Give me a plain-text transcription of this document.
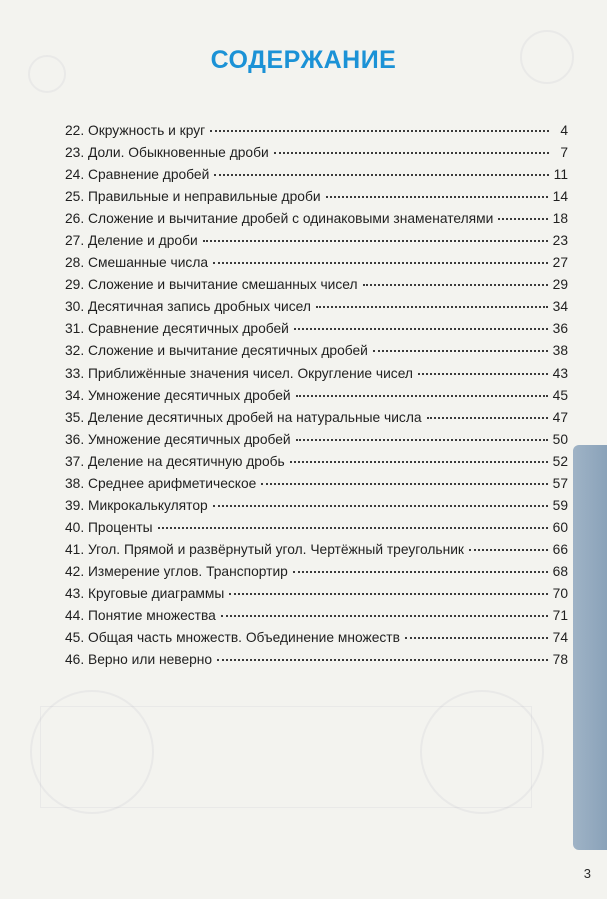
СОДЕРЖАНИЕ
22. Окружность и круг	4
23. Доли. Обыкновенные дроби	7
24. Сравнение дробей	11
25. Правильные и неправильные дроби	14
26. Сложение и вычитание дробей с одинаковыми знаменателями	18
27. Деление и дроби	23
28. Смешанные числа	27
29. Сложение и вычитание смешанных чисел	29
30. Десятичная запись дробных чисел	34
31. Сравнение десятичных дробей	36
32. Сложение и вычитание десятичных дробей	38
33. Приближённые значения чисел. Округление чисел	43
34. Умножение десятичных дробей	45
35. Деление десятичных дробей на натуральные числа	47
36. Умножение десятичных дробей	50
37. Деление на десятичную дробь	52
38. Среднее арифметическое	57
39. Микрокалькулятор	59
40. Проценты	60
41. Угол. Прямой и развёрнутый угол. Чертёжный треугольник	66
42. Измерение углов. Транспортир	68
43. Круговые диаграммы	70
44. Понятие множества	71
45. Общая часть множеств. Объединение множеств	74
46. Верно или неверно	78
3
